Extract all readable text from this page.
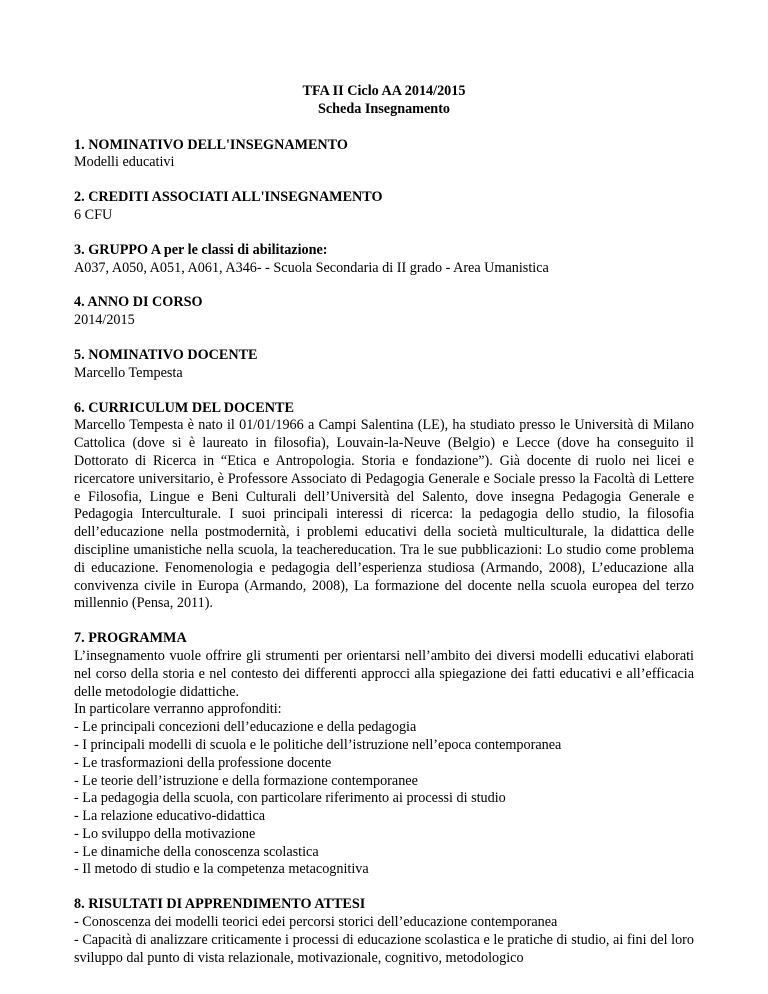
TFA II Ciclo AA 2014/2015
Scheda Insegnamento
1. NOMINATIVO DELL'INSEGNAMENTO

Modelli educativi

2. CREDITI ASSOCIATI ALL'INSEGNAMENTO

6 CFU

3. GRUPPO A per le classi di abilitazione:

A037, A050, A051, A061, A346- - Scuola Secondaria di II grado - Area Umanistica

4. ANNO DI CORSO

2014/2015

5. NOMINATIVO DOCENTE

Marcello Tempesta

6. CURRICULUM DEL DOCENTE

Marcello Tempesta è nato il 01/01/1966 a Campi Salentina (LE), ha studiato presso le Università di Milano Cattolica (dove si è laureato in filosofia), Louvain-la-Neuve (Belgio) e Lecce (dove ha conseguito il Dottorato di Ricerca in “Etica e Antropologia. Storia e fondazione”). Già docente di ruolo nei licei e ricercatore universitario, è Professore Associato di Pedagogia Generale e Sociale presso la Facoltà di Lettere e Filosofia, Lingue e Beni Culturali dell’Università del Salento, dove insegna Pedagogia Generale e Pedagogia Interculturale. I suoi principali interessi di ricerca: la pedagogia dello studio, la filosofia dell’educazione nella postmodernità, i problemi educativi della società multiculturale, la didattica delle discipline umanistiche nella scuola, la teachereducation. Tra le sue pubblicazioni: Lo studio come problema di educazione. Fenomenologia e pedagogia dell’esperienza studiosa (Armando, 2008), L’educazione alla convivenza civile in Europa (Armando, 2008), La formazione del docente nella scuola europea del terzo millennio (Pensa, 2011).

7. PROGRAMMA

L’insegnamento vuole offrire gli strumenti per orientarsi nell’ambito dei diversi modelli educativi elaborati nel corso della storia e nel contesto dei differenti approcci alla spiegazione dei fatti educativi e all’efficacia delle metodologie didattiche.

In particolare verranno approfonditi:

- Le principali concezioni dell’educazione e della pedagogia
- I principali modelli di scuola e le politiche dell’istruzione nell’epoca contemporanea
- Le trasformazioni della professione docente
- Le teorie dell’istruzione e della formazione contemporanee
- La pedagogia della scuola, con particolare riferimento ai processi di studio
- La relazione educativo-didattica
- Lo sviluppo della motivazione
- Le dinamiche della conoscenza scolastica
- Il metodo di studio e la competenza metacognitiva
8. RISULTATI DI APPRENDIMENTO ATTESI

- Conoscenza dei modelli teorici edei percorsi storici dell’educazione contemporanea

- Capacità di analizzare criticamente i processi di educazione scolastica e le pratiche di studio, ai fini del loro sviluppo dal punto di vista relazionale, motivazionale, cognitivo, metodologico
